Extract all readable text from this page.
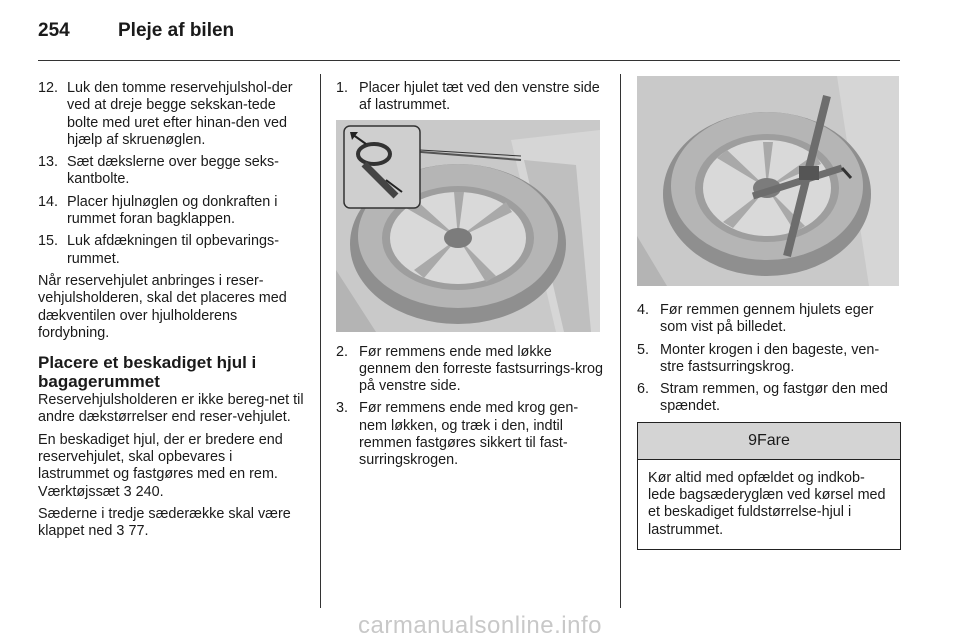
254	Pleje af bilen
12. Luk den tomme reservehjulshol-der ved at dreje begge sekskan-tede bolte med uret efter hinan-den ved hjælp af skruenøglen.
13. Sæt dækslerne over begge seks-kantbolte.
14. Placer hjulnøglen og donkraften i rummet foran bagklappen.
15. Luk afdækningen til opbevarings-rummet.

Når reservehjulet anbringes i reser-vehjulsholderen, skal det placeres med dækventilen over hjulholderens fordybning.

Placere et beskadiget hjul i bagagerummet

Reservehjulsholderen er ikke bereg-net til andre dækstørrelser end reser-vehjulet.

En beskadiget hjul, der er bredere end reservehjulet, skal opbevares i lastrummet og fastgøres med en rem. Værktøjssæt 3 240.

Sæderne i tredje sæderække skal være klappet ned 3 77.

1. Placer hjulet tæt ved den venstre side af lastrummet.
2. Før remmens ende med løkke gennem den forreste fastsurrings-krog på venstre side.
3. Før remmens ende med krog gen-nem løkken, og træk i den, indtil remmen fastgøres sikkert til fast-surringskrogen.
4. Før remmen gennem hjulets eger som vist på billedet.
5. Monter krogen i den bageste, ven-stre fastsurringskrog.
6. Stram remmen, og fastgør den med spændet.
9Fare
Kør altid med opfældet og indkob-lede bagsæderyglæn ved kørsel med et beskadiget fuldstørrelse-hjul i lastrummet.
carmanualsonline.info
